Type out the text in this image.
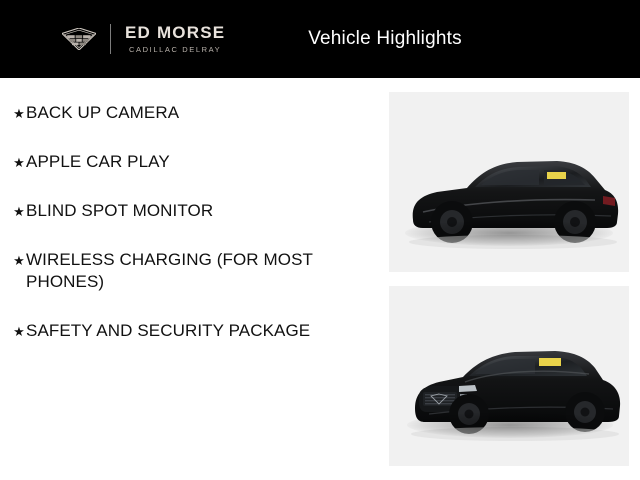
ED MORSE
CADILLAC DELRAY
Vehicle Highlights
★ BACK UP CAMERA
★ APPLE CAR PLAY
★ BLIND SPOT MONITOR
★ WIRELESS CHARGING (FOR MOST PHONES)
★ SAFETY AND SECURITY PACKAGE
